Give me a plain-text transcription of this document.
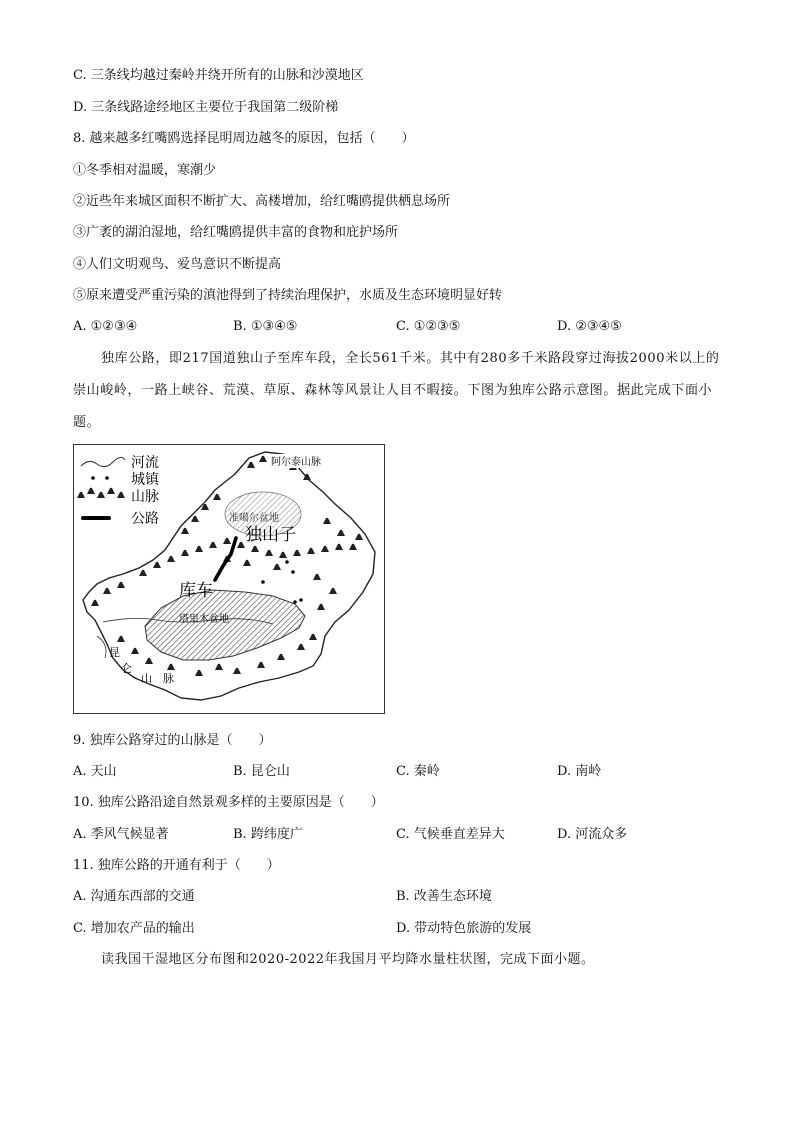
C. 三条线均越过秦岭并绕开所有的山脉和沙漠地区
D. 三条线路途经地区主要位于我国第二级阶梯
8. 越来越多红嘴鸥选择昆明周边越冬的原因，包括（　　）
①冬季相对温暖，寒潮少
②近些年来城区面积不断扩大、高楼增加，给红嘴鸥提供栖息场所
③广袤的湖泊湿地，给红嘴鸥提供丰富的食物和庇护场所
④人们文明观鸟、爱鸟意识不断提高
⑤原来遭受严重污染的滇池得到了持续治理保护，水质及生态环境明显好转
A. ①②③④	B. ①③④⑤	C. ①②③⑤	D. ②③④⑤
独库公路，即217国道独山子至库车段，全长561千米。其中有280多千米路段穿过海拔2000米以上的崇山峻岭，一路上峡谷、荒漠、草原、森林等风景让人目不暇接。下图为独库公路示意图。据此完成下面小题。
河流
城镇
山脉
公路
阿尔泰山脉
准噶尔盆地
独山子
库车
塔里木盆地
昆
仑
山 脉
9. 独库公路穿过的山脉是（　　）
A. 天山	B. 昆仑山	C. 秦岭	D. 南岭
10. 独库公路沿途自然景观多样的主要原因是（　　）
A. 季风气候显著	B. 跨纬度广	C. 气候垂直差异大	D. 河流众多
11. 独库公路的开通有利于（　　）
A. 沟通东西部的交通	B. 改善生态环境
C. 增加农产品的输出	D. 带动特色旅游的发展
读我国干湿地区分布图和2020-2022年我国月平均降水量柱状图，完成下面小题。
